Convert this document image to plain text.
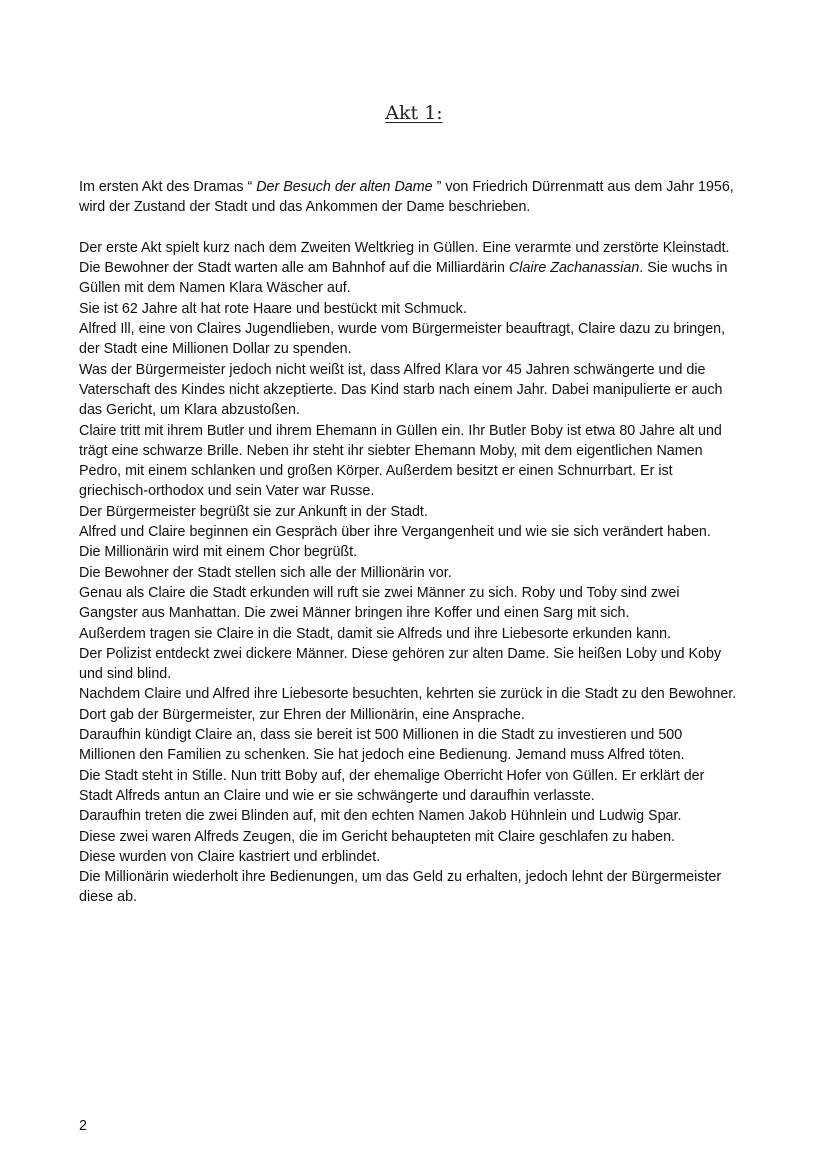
Akt 1:

Im ersten Akt des Dramas “ Der Besuch der alten Dame ” von Friedrich Dürrenmatt aus dem Jahr 1956, wird der Zustand der Stadt und das Ankommen der Dame beschrieben.

Der erste Akt spielt kurz nach dem Zweiten Weltkrieg in Güllen. Eine verarmte und zerstörte Kleinstadt. Die Bewohner der Stadt warten alle am Bahnhof auf die Milliardärin Claire Zachanassian. Sie wuchs in Güllen mit dem Namen Klara Wäscher auf.

Sie ist 62 Jahre alt hat rote Haare und bestückt mit Schmuck.

Alfred Ill, eine von Claires Jugendlieben, wurde vom Bürgermeister beauftragt, Claire dazu zu bringen, der Stadt eine Millionen Dollar zu spenden.

Was der Bürgermeister jedoch nicht weißt ist, dass Alfred Klara vor 45 Jahren schwängerte und die Vaterschaft des Kindes nicht akzeptierte. Das Kind starb nach einem Jahr. Dabei manipulierte er auch das Gericht, um Klara abzustoßen.

Claire tritt mit ihrem Butler und ihrem Ehemann in Güllen ein. Ihr Butler Boby ist etwa 80 Jahre alt und trägt eine schwarze Brille. Neben ihr steht ihr siebter Ehemann Moby, mit dem eigentlichen Namen Pedro, mit einem schlanken und großen Körper. Außerdem besitzt er einen Schnurrbart. Er ist griechisch-orthodox und sein Vater war Russe.

Der Bürgermeister begrüßt sie zur Ankunft in der Stadt.

Alfred und Claire beginnen ein Gespräch über ihre Vergangenheit und wie sie sich verändert haben.

Die Millionärin wird mit einem Chor begrüßt.

Die Bewohner der Stadt stellen sich alle der Millionärin vor.

Genau als Claire die Stadt erkunden will ruft sie zwei Männer zu sich. Roby und Toby sind zwei Gangster aus Manhattan. Die zwei Männer bringen ihre Koffer und einen Sarg mit sich.

Außerdem tragen sie Claire in die Stadt, damit sie Alfreds und ihre Liebesorte erkunden kann.

Der Polizist entdeckt zwei dickere Männer. Diese gehören zur alten Dame. Sie heißen Loby und Koby und sind blind.

Nachdem Claire und Alfred ihre Liebesorte besuchten, kehrten sie zurück in die Stadt zu den Bewohner. Dort gab der Bürgermeister, zur Ehren der Millionärin, eine Ansprache.

Daraufhin kündigt Claire an, dass sie bereit ist 500 Millionen in die Stadt zu investieren und 500 Millionen den Familien zu schenken. Sie hat jedoch eine Bedienung. Jemand muss Alfred töten.

Die Stadt steht in Stille. Nun tritt Boby auf, der ehemalige Oberricht Hofer von Güllen. Er erklärt der Stadt Alfreds antun an Claire und wie er sie schwängerte und daraufhin verlasste.

Daraufhin treten die zwei Blinden auf, mit den echten Namen Jakob Hühnlein und Ludwig Spar.

Diese zwei waren Alfreds Zeugen, die im Gericht behaupteten mit Claire geschlafen zu haben.

Diese wurden von Claire kastriert und erblindet.

Die Millionärin wiederholt ihre Bedienungen, um das Geld zu erhalten, jedoch lehnt der Bürgermeister diese ab.

2
